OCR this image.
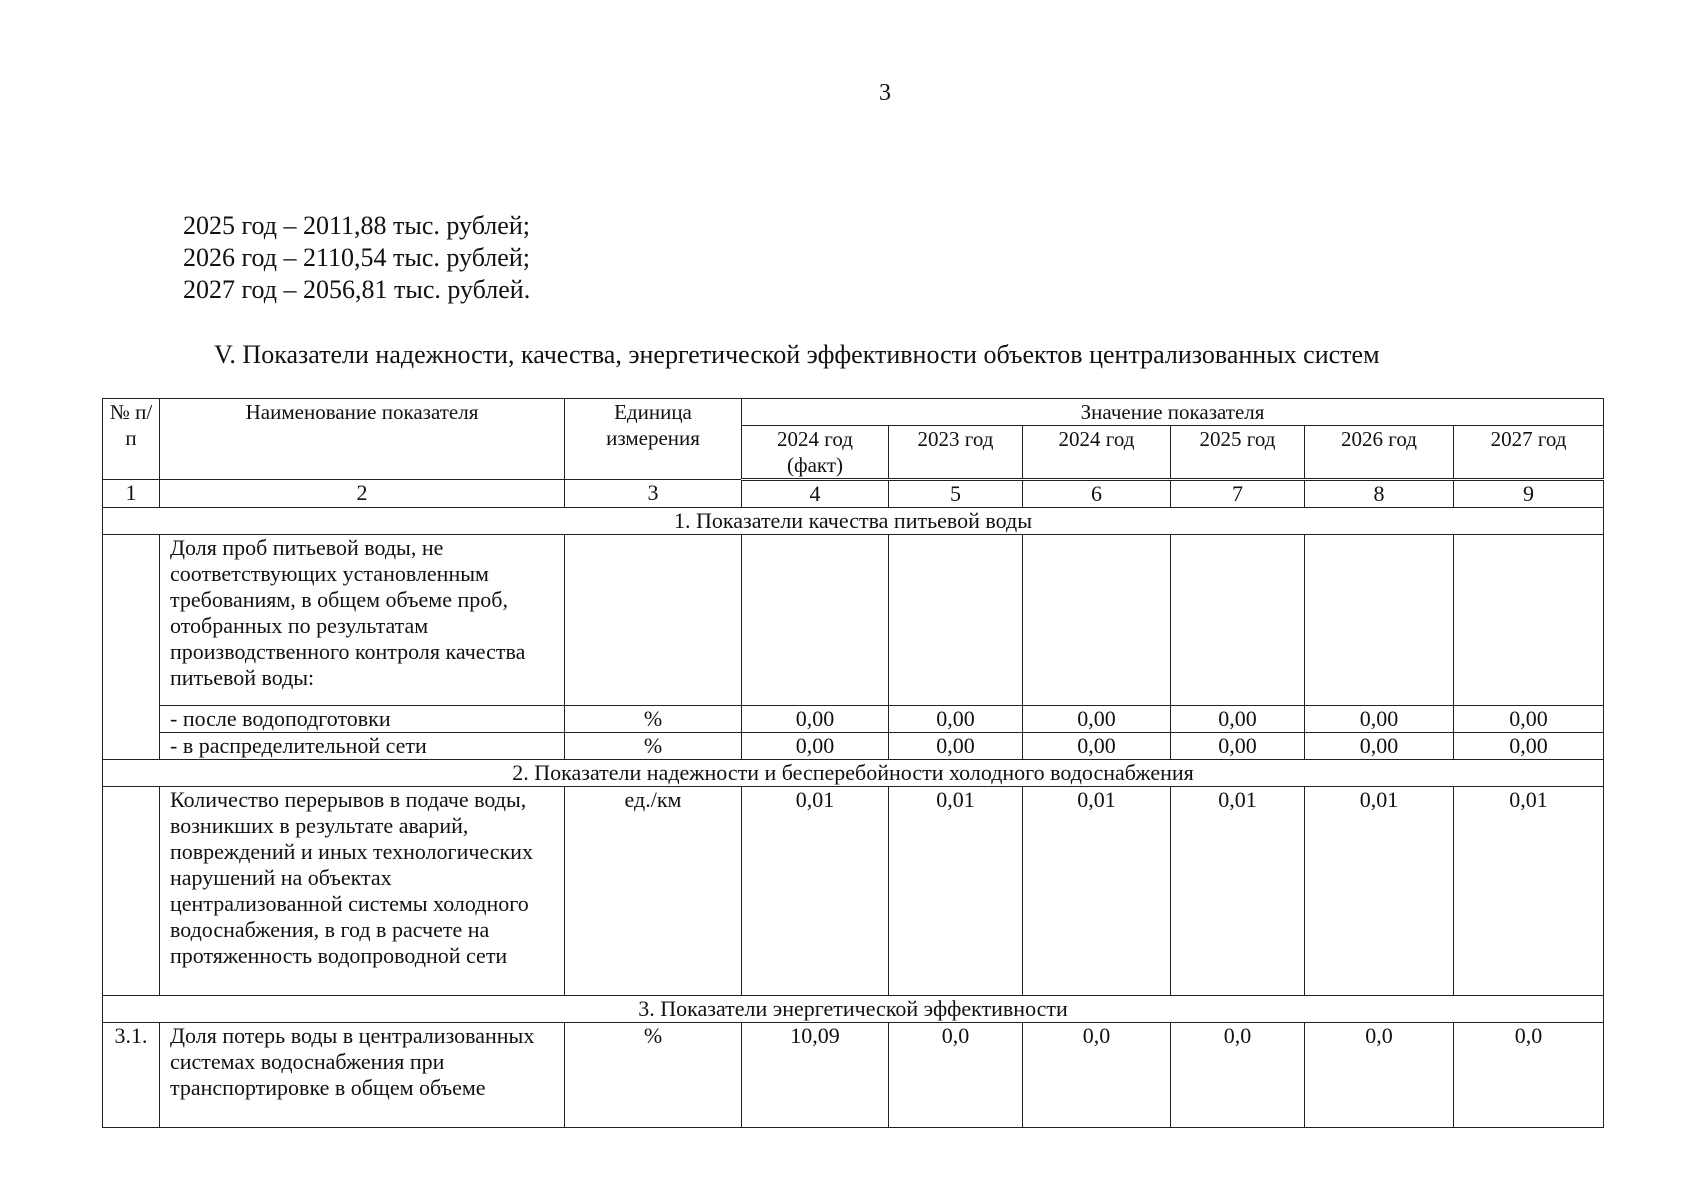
3
2025 год – 2011,88 тыс. рублей;
2026 год – 2110,54 тыс. рублей;
2027 год – 2056,81 тыс. рублей.
V. Показатели надежности, качества, энергетической эффективности объектов централизованных систем
№ п/п	Наименование показателя	Единица измерения	Значение показателя					
			2024 год (факт)	2023 год	2024 год	2025 год	2026 год	2027 год
1	2	3	4	5	6	7	8	9
1. Показатели качества питьевой воды								
	Доля проб питьевой воды, не соответствующих установленным требованиям, в общем объеме проб, отобранных по результатам производственного контроля качества питьевой воды:							
	- после водоподготовки	%	0,00	0,00	0,00	0,00	0,00	0,00
	- в распределительной сети	%	0,00	0,00	0,00	0,00	0,00	0,00
2. Показатели надежности и бесперебойности холодного водоснабжения								
	Количество перерывов в подаче воды, возникших в результате аварий, повреждений и иных технологических нарушений на объектах централизованной системы холодного водоснабжения, в год в расчете на протяженность водопроводной сети	ед./км	0,01	0,01	0,01	0,01	0,01	0,01
3. Показатели энергетической эффективности								
3.1.	Доля потерь воды в централизованных системах водоснабжения при транспортировке в общем объеме	%	10,09	0,0	0,0	0,0	0,0	0,0
